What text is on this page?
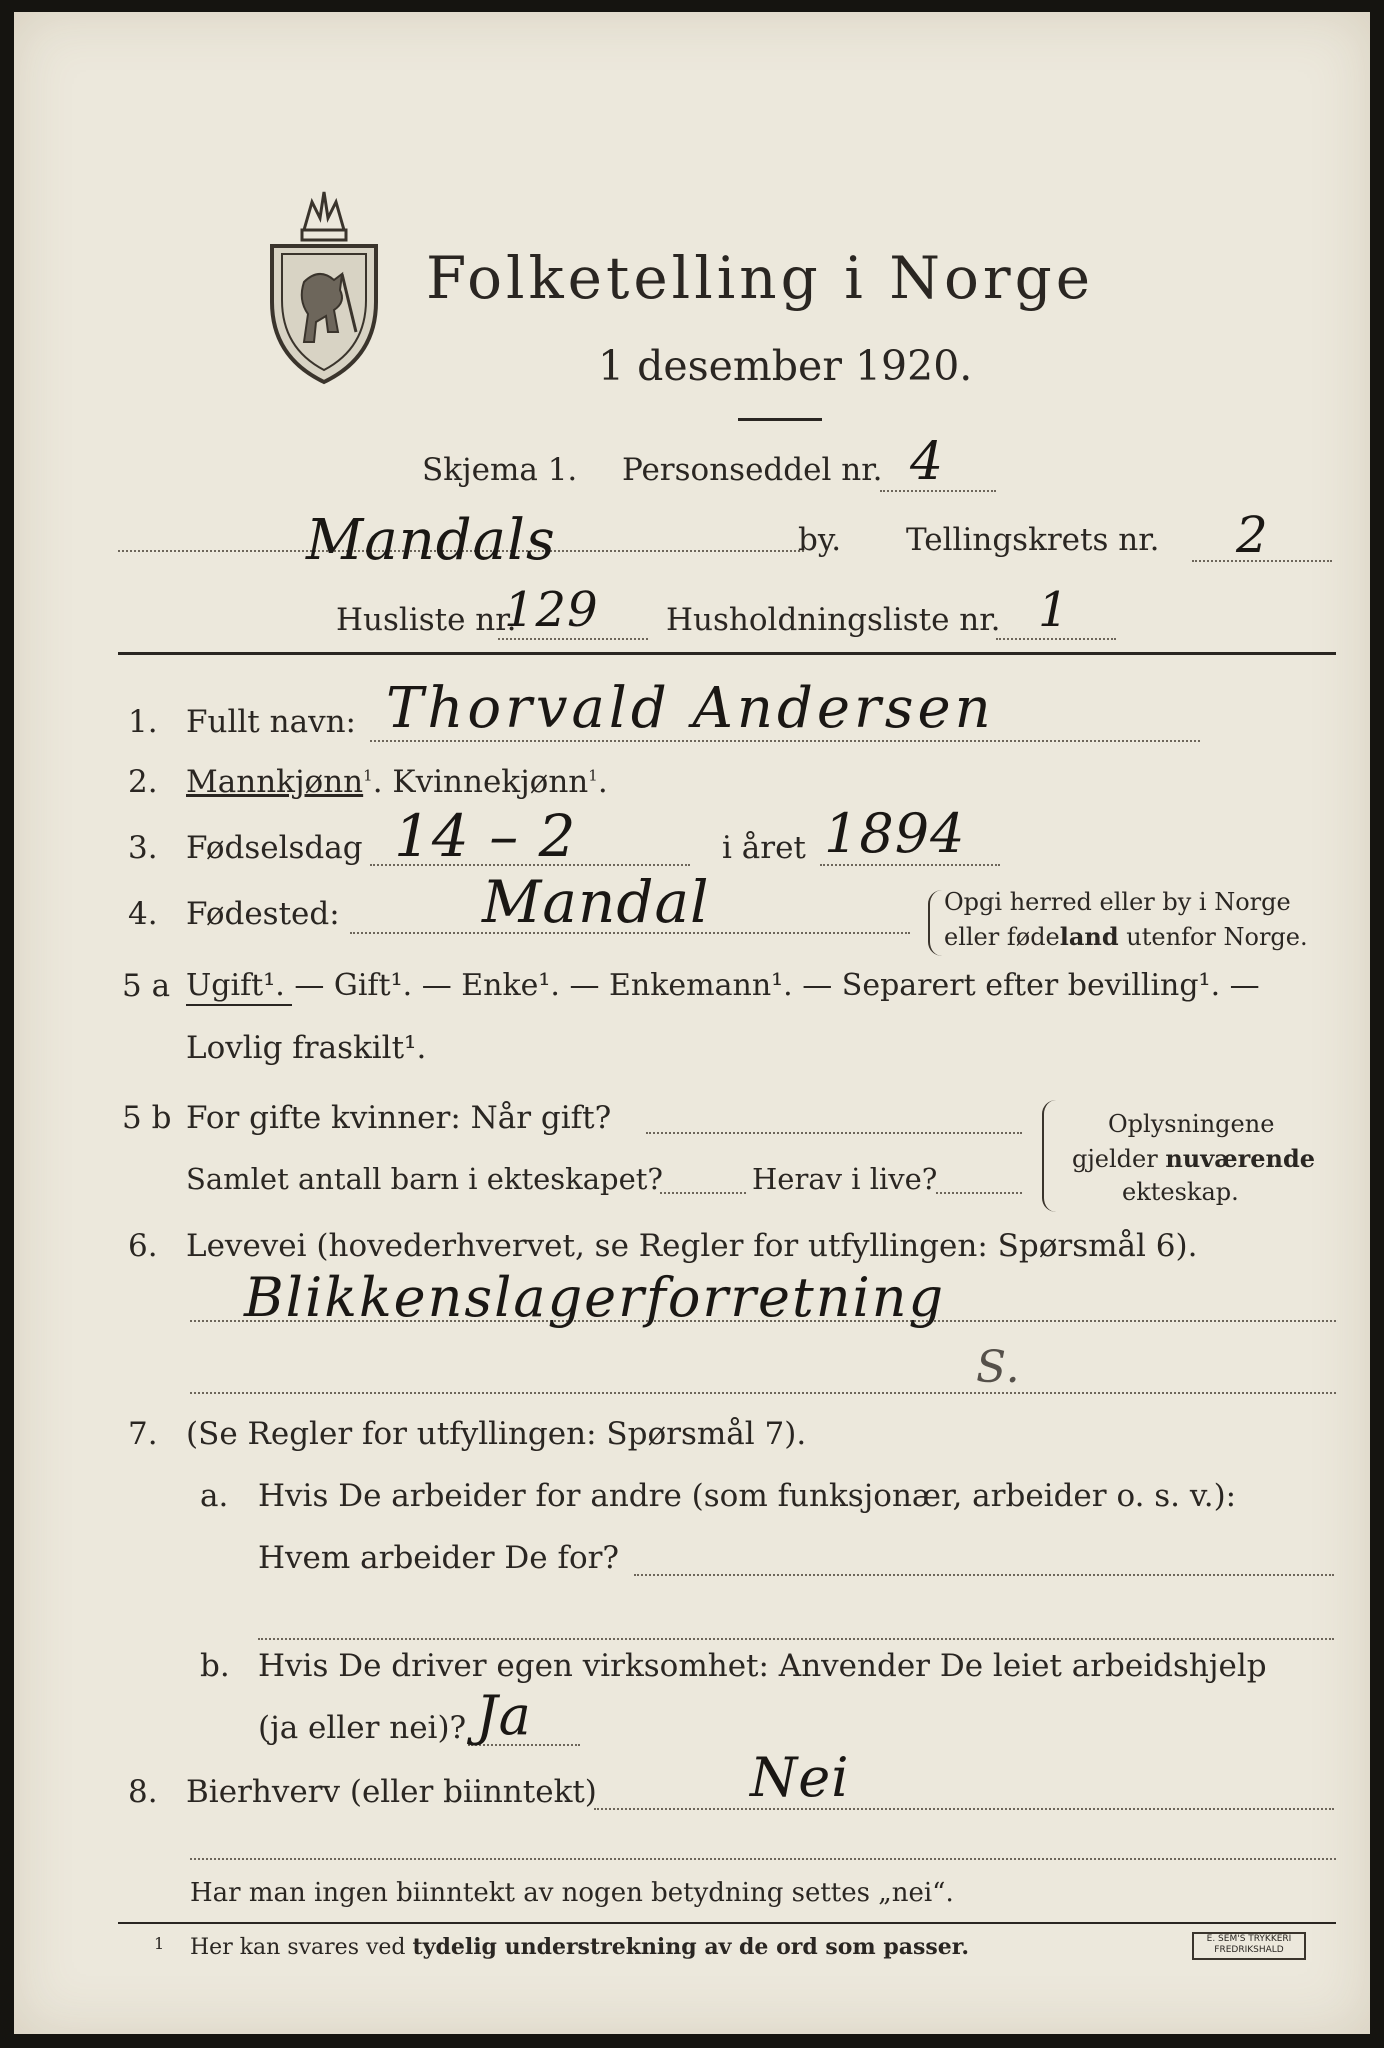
Folketelling i Norge
1 desember 1920.
Skjema 1. Personseddel nr. 4
Mandals	by. Tellingskrets nr. 2
Husliste nr.
129 Husholdningsliste nr. 1
1. Fullt navn: Thorvald Andersen
2. Mannkjønn$^1$. Kvinnekjønn$^1$.
3. Fødselsdag 14 – 2	i året 1894
4. Fødested: Mandal	Opgi herred eller by i Norge
eller fødeland utenfor Norge.
5 a Ugift¹. — Gift¹. — Enke¹. — Enkemann¹. — Separert efter bevilling¹. —
Lovlig fraskilt¹.
5 b For gifte kvinner: Når gift?
Samlet antall barn i ekteskapet?	Herav i live?
Oplysningene
gjelder nuværende
ekteskap.
6. Levevei (hovederhvervet, se Regler for utfyllingen: Spørsmål 6).
Blikkenslagerforretning
S.
7. (Se Regler for utfyllingen: Spørsmål 7).
a. Hvis De arbeider for andre (som funksjonær, arbeider o. s. v.):
Hvem arbeider De for?
b. Hvis De driver egen virksomhet: Anvender De leiet arbeidshjelp
(ja eller nei)? Ja
8. Bierhverv (eller biinntekt)	Nei
Har man ingen biinntekt av nogen betydning settes „nei“.
1 Her kan svares ved tydelig understrekning av de ord som passer.	E. SEM'S TRYKKERI FREDRIKSHALD
